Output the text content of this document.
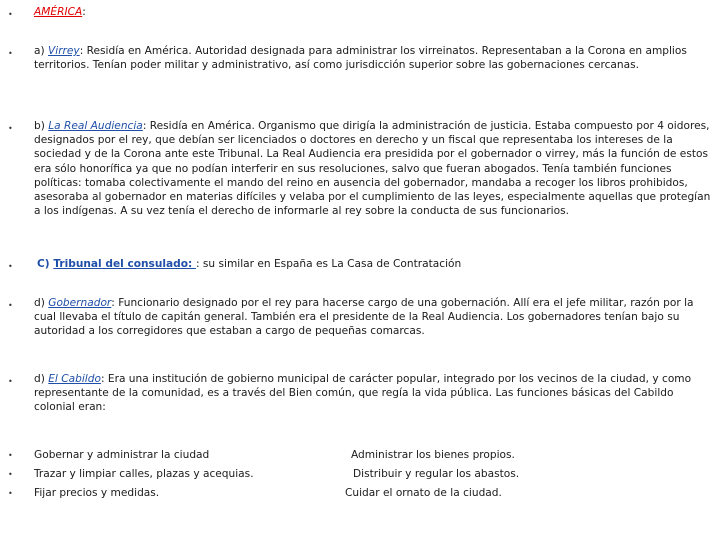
• AMÉRICA:
• a) Virrey: Residía en América. Autoridad designada para administrar los virreinatos. Representaban a la Corona en amplios territorios. Tenían poder militar y administrativo, así como jurisdicción superior sobre las gobernaciones cercanas.
• b) La Real Audiencia: Residía en América. Organismo que dirigía la administración de justicia. Estaba compuesto por 4 oidores, designados por el rey, que debían ser licenciados o doctores en derecho y un fiscal que representaba los intereses de la sociedad y de la Corona ante este Tribunal. La Real Audiencia era presidida por el gobernador o virrey, más la función de estos era sólo honorífica ya que no podían interferir en sus resoluciones, salvo que fueran abogados. Tenía también funciones políticas: tomaba colectivamente el mando del reino en ausencia del gobernador, mandaba a recoger los libros prohibidos, asesoraba al gobernador en materias difíciles y velaba por el cumplimiento de las leyes, especialmente aquellas que protegían a los indígenas. A su vez tenía el derecho de informarle al rey sobre la conducta de sus funcionarios.
• C) Tribunal del consulado: : su similar en España es La Casa de Contratación
• d) Gobernador: Funcionario designado por el rey para hacerse cargo de una gobernación. Allí era el jefe militar, razón por la cual llevaba el título de capitán general. También era el presidente de la Real Audiencia. Los gobernadores tenían bajo su autoridad a los corregidores que estaban a cargo de pequeñas comarcas.
• d) El Cabildo: Era una institución de gobierno municipal de carácter popular, integrado por los vecinos de la ciudad, y como representante de la comunidad, es a través del Bien común, que regía la vida pública. Las funciones básicas del Cabildo colonial eran:
•
•
•
Gobernar y administrar la ciudad
Trazar y limpiar calles, plazas y acequias.
Fijar precios y medidas.
Administrar los bienes propios.
Distribuir y regular los abastos.
Cuidar el ornato de la ciudad.
